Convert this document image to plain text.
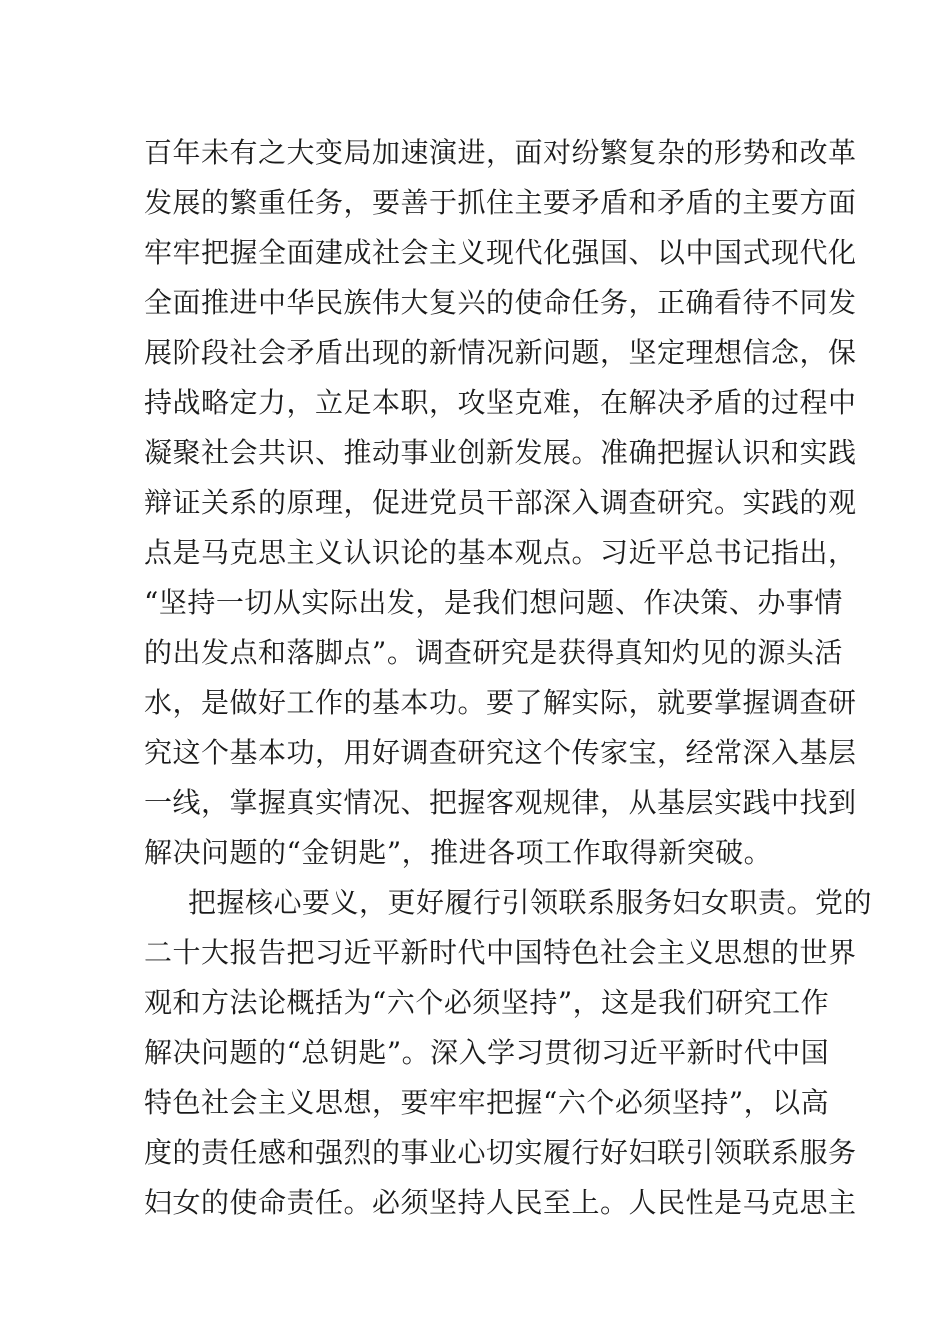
百年未有之大变局加速演进，面对纷繁复杂的形势和改革
发展的繁重任务，要善于抓住主要矛盾和矛盾的主要方面
牢牢把握全面建成社会主义现代化强国、以中国式现代化
全面推进中华民族伟大复兴的使命任务，正确看待不同发
展阶段社会矛盾出现的新情况新问题，坚定理想信念，保
持战略定力，立足本职，攻坚克难，在解决矛盾的过程中
凝聚社会共识、推动事业创新发展。准确把握认识和实践
辩证关系的原理，促进党员干部深入调查研究。实践的观
点是马克思主义认识论的基本观点。习近平总书记指出，
“坚持一切从实际出发，是我们想问题、作决策、办事情
的出发点和落脚点”。调查研究是获得真知灼见的源头活
水，是做好工作的基本功。要了解实际，就要掌握调查研
究这个基本功，用好调查研究这个传家宝，经常深入基层
一线，掌握真实情况、把握客观规律，从基层实践中找到
解决问题的“金钥匙”，推进各项工作取得新突破。
把握核心要义，更好履行引领联系服务妇女职责。党的
二十大报告把习近平新时代中国特色社会主义思想的世界
观和方法论概括为“六个必须坚持”，这是我们研究工作
解决问题的“总钥匙”。深入学习贯彻习近平新时代中国
特色社会主义思想，要牢牢把握“六个必须坚持”，以高
度的责任感和强烈的事业心切实履行好妇联引领联系服务
妇女的使命责任。必须坚持人民至上。人民性是马克思主
